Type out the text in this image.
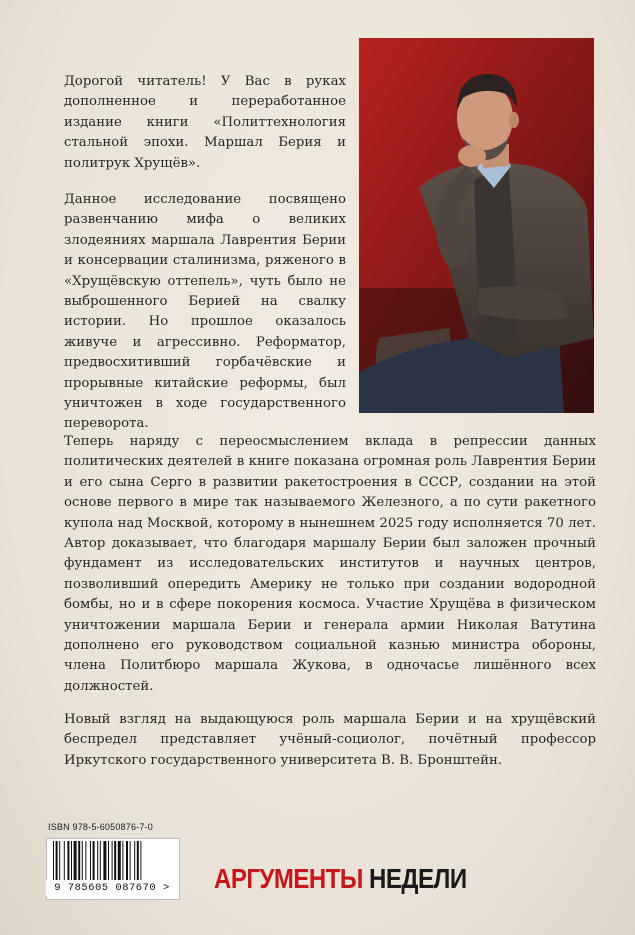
Дорогой читатель! У Вас в руках дополненное и переработанное издание книги «Политтехнология стальной эпохи. Маршал Берия и политрук Хрущёв».

Данное исследование посвящено развенчанию мифа о великих злодеяниях маршала Лаврентия Берии и консервации сталинизма, ряженого в «Хрущёвскую оттепель», чуть было не выброшенного Берией на свалку истории. Но прошлое оказалось живуче и агрессивно. Реформатор, предвосхитивший горбачёвские и прорывные китайские реформы, был уничтожен в ходе государственного переворота.

Теперь наряду с переосмыслением вклада в репрессии данных политических деятелей в книге показана огромная роль Лаврентия Берии и его сына Серго в развитии ракетостроения в СССР, создании на этой основе первого в мире так называемого Железного, а по сути ракетного купола над Москвой, которому в нынешнем 2025 году исполняется 70 лет. Автор доказывает, что благодаря маршалу Берии был заложен прочный фундамент из исследовательских институтов и научных центров, позволивший опередить Америку не только при создании водородной бомбы, но и в сфере покорения космоса. Участие Хрущёва в физическом уничтожении маршала Берии и генерала армии Николая Ватутина дополнено его руководством социальной казнью министра обороны, члена Политбюро маршала Жукова, в одночасье лишённого всех должностей.

Новый взгляд на выдающуюся роль маршала Берии и на хрущёвский беспредел представляет учёный-социолог, почётный профессор Иркутского государственного университета В. В. Бронштейн.

ISBN 978-5-6050876-7-0
9 785605 087670 >	АРГУМЕНТЫ НЕДЕЛИ
